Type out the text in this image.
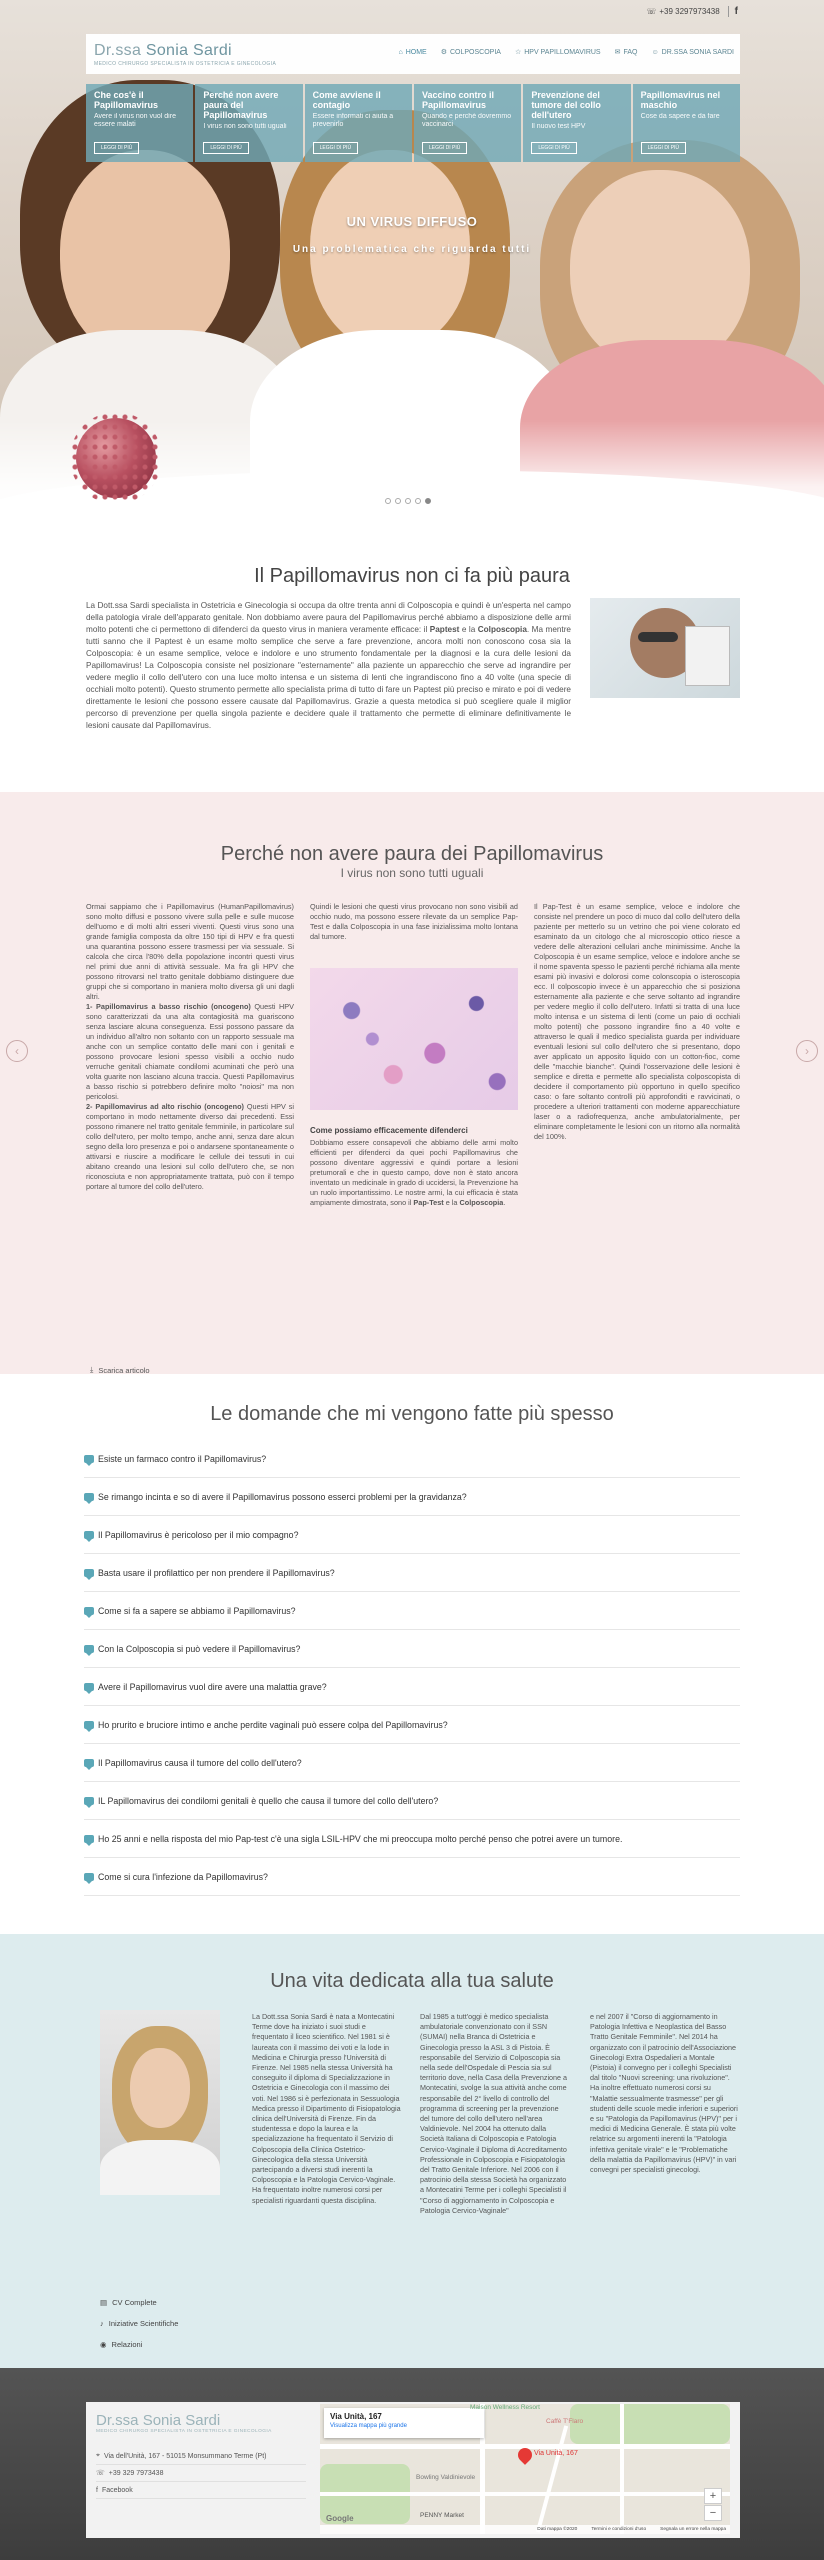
UN VIRUS DIFFUSO
Una problematica che riguarda tutti
☏ +39 3297973438	f
Dr.ssa Sonia Sardi
MEDICO CHIRURGO SPECIALISTA IN OSTETRICIA E GINECOLOGIA
⌂ HOME ⚙ COLPOSCOPIA ☆ HPV PAPILLOMAVIRUS ✉ FAQ ☺ DR.SSA SONIA SARDI
Che cos'è il Papillomavirus
Avere il virus non vuol dire essere malati
LEGGI DI PIÙ
Perché non avere paura del Papillomavirus
I virus non sono tutti uguali
LEGGI DI PIÙ
Come avviene il contagio
Essere informati ci aiuta a prevenirlo
LEGGI DI PIÙ
Vaccino contro il Papillomavirus
Quando e perché dovremmo vaccinarci
LEGGI DI PIÙ
Prevenzione del tumore del collo dell'utero
Il nuovo test HPV
LEGGI DI PIÙ
Papillomavirus nel maschio
Cose da sapere e da fare
LEGGI DI PIÙ
Il Papillomavirus non ci fa più paura
La Dott.ssa Sardi specialista in Ostetricia e Ginecologia si occupa da oltre trenta anni di Colposcopia e quindi è un'esperta nel campo della patologia virale dell'apparato genitale. Non dobbiamo avere paura del Papillomavirus perché abbiamo a disposizione delle armi molto potenti che ci permettono di difenderci da questo virus in maniera veramente efficace: il Paptest e la Colposcopia. Ma mentre tutti sanno che il Paptest è un esame molto semplice che serve a fare prevenzione, ancora molti non conoscono cosa sia la Colposcopia: è un esame semplice, veloce e indolore e uno strumento fondamentale per la diagnosi e la cura delle lesioni da Papillomavirus! La Colposcopia consiste nel posizionare "esternamente" alla paziente un apparecchio che serve ad ingrandire per vedere meglio il collo dell'utero con una luce molto intensa e un sistema di lenti che ingrandiscono fino a 40 volte (una specie di occhiali molto potenti). Questo strumento permette allo specialista prima di tutto di fare un Paptest più preciso e mirato e poi di vedere direttamente le lesioni che possono essere causate dal Papillomavirus. Grazie a questa metodica si può scegliere quale il miglior percorso di prevenzione per quella singola paziente e decidere quale il trattamento che permette di eliminare definitivamente le lesioni causate dal Papillomavirus.
Perché non avere paura dei Papillomavirus
I virus non sono tutti uguali
‹	›
Ormai sappiamo che i Papillomavirus (HumanPapillomavirus) sono molto diffusi e possono vivere sulla pelle e sulle mucose dell'uomo e di molti altri esseri viventi. Questi virus sono una grande famiglia composta da oltre 150 tipi di HPV e fra questi una quarantina possono essere trasmessi per via sessuale. Si calcola che circa l'80% della popolazione incontri questi virus nel primi due anni di attività sessuale. Ma fra gli HPV che possono ritrovarsi nel tratto genitale dobbiamo distinguere due gruppi che si comportano in maniera molto diversa gli uni dagli altri.
1- Papillomavirus a basso rischio (oncogeno) Questi HPV sono caratterizzati da una alta contagiosità ma guariscono senza lasciare alcuna conseguenza. Essi possono passare da un individuo all'altro non soltanto con un rapporto sessuale ma anche con un semplice contatto delle mani con i genitali e possono provocare lesioni spesso visibili a occhio nudo verruche genitali chiamate condilomi acuminati che però una volta guarite non lasciano alcuna traccia. Questi Papillomavirus a basso rischio si potrebbero definire molto "noiosi" ma non pericolosi.
2- Papillomavirus ad alto rischio (oncogeno) Questi HPV si comportano in modo nettamente diverso dai precedenti. Essi possono rimanere nel tratto genitale femminile, in particolare sul collo dell'utero, per molto tempo, anche anni, senza dare alcun segno della loro presenza e poi o andarsene spontaneamente o attivarsi e riuscire a modificare le cellule dei tessuti in cui abitano creando una lesioni sul collo dell'utero che, se non riconosciuta e non appropriatamente trattata, può con il tempo portare al tumore del collo dell'utero.
Quindi le lesioni che questi virus provocano non sono visibili ad occhio nudo, ma possono essere rilevate da un semplice Pap-Test e dalla Colposcopia in una fase inizialissima molto lontana dal tumore.
Come possiamo efficacemente difenderci
Dobbiamo essere consapevoli che abbiamo delle armi molto efficienti per difenderci da quei pochi Papillomavirus che possono diventare aggressivi e quindi portare a lesioni pretumorali e che in questo campo, dove non è stato ancora inventato un medicinale in grado di uccidersi, la Prevenzione ha un ruolo importantissimo. Le nostre armi, la cui efficacia è stata ampiamente dimostrata, sono il Pap-Test e la Colposcopia.
Il Pap-Test è un esame semplice, veloce e indolore che consiste nel prendere un poco di muco dal collo dell'utero della paziente per metterlo su un vetrino che poi viene colorato ed esaminato da un citologo che al microscopio ottico riesce a vedere delle alterazioni cellulari anche minimissime. Anche la Colposcopia è un esame semplice, veloce e indolore anche se il nome spaventa spesso le pazienti perché richiama alla mente esami più invasivi e dolorosi come colonscopia o isteroscopia ecc. Il colposcopio invece è un apparecchio che si posiziona esternamente alla paziente e che serve soltanto ad ingrandire per vedere meglio il collo dell'utero. Infatti si tratta di una luce molto intensa e un sistema di lenti (come un paio di occhiali molto potenti) che possono ingrandire fino a 40 volte e attraverso le quali il medico specialista guarda per individuare eventuali lesioni sul collo dell'utero che si presentano, dopo aver applicato un apposito liquido con un cotton-fioc, come delle "macchie bianche". Quindi l'osservazione delle lesioni è semplice e diretta e permette allo specialista colposcopista di decidere il comportamento più opportuno in quello specifico caso: o fare soltanto controlli più approfonditi e ravvicinati, o procedere a ulteriori trattamenti con moderne apparecchiature laser o a radiofrequenza, anche ambulatorialmente, per eliminare completamente le lesioni con un ritorno alla normalità del 100%.
⤓ Scarica articolo
Le domande che mi vengono fatte più spesso
Esiste un farmaco contro il Papillomavirus?
Se rimango incinta e so di avere il Papillomavirus possono esserci problemi per la gravidanza?
Il Papillomavirus è pericoloso per il mio compagno?
Basta usare il profilattico per non prendere il Papillomavirus?
Come si fa a sapere se abbiamo il Papillomavirus?
Con la Colposcopia si può vedere il Papillomavirus?
Avere il Papillomavirus vuol dire avere una malattia grave?
Ho prurito e bruciore intimo e anche perdite vaginali può essere colpa del Papillomavirus?
Il Papillomavirus causa il tumore del collo dell'utero?
IL Papillomavirus dei condilomi genitali è quello che causa il tumore del collo dell'utero?
Ho 25 anni e nella risposta del mio Pap-test c'è una sigla LSIL-HPV che mi preoccupa molto perché penso che potrei avere un tumore.
Come si cura l'infezione da Papillomavirus?
Una vita dedicata alla tua salute
La Dott.ssa Sonia Sardi è nata a Montecatini Terme dove ha iniziato i suoi studi e frequentato il liceo scientifico. Nel 1981 si è laureata con il massimo dei voti e la lode in Medicina e Chirurgia presso l'Università di Firenze. Nel 1985 nella stessa Università ha conseguito il diploma di Specializzazione in Ostetricia e Ginecologia con il massimo dei voti. Nel 1986 si è perfezionata in Sessuologia Medica presso il Dipartimento di Fisiopatologia clinica dell'Università di Firenze. Fin da studentessa e dopo la laurea e la specializzazione ha frequentato il Servizio di Colposcopia della Clinica Ostetrico-Ginecologica della stessa Università partecipando a diversi studi inerenti la Colposcopia e la Patologia Cervico-Vaginale. Ha frequentato inoltre numerosi corsi per specialisti riguardanti questa disciplina.
Dal 1985 a tutt'oggi è medico specialista ambulatoriale convenzionato con il SSN (SUMAI) nella Branca di Ostetricia e Ginecologia presso la ASL 3 di Pistoia. È responsabile del Servizio di Colposcopia sia nella sede dell'Ospedale di Pescia sia sul territorio dove, nella Casa della Prevenzione a Montecatini, svolge la sua attività anche come responsabile del 2° livello di controllo del programma di screening per la prevenzione del tumore del collo dell'utero nell'area Valdinievole. Nel 2004 ha ottenuto dalla Società Italiana di Colposcopia e Patologia Cervico-Vaginale il Diploma di Accreditamento Professionale in Colposcopia e Fisiopatologia del Tratto Genitale Inferiore. Nel 2006 con il patrocinio della stessa Società ha organizzato a Montecatini Terme per i colleghi Specialisti il "Corso di aggiornamento in Colposcopia e Patologia Cervico-Vaginale"
e nel 2007 il "Corso di aggiornamento in Patologia Infettiva e Neoplastica del Basso Tratto Genitale Femminile". Nel 2014 ha organizzato con il patrocinio dell'Associazione Ginecologi Extra Ospedalieri a Montale (Pistoia) il convegno per i colleghi Specialisti dal titolo "Nuovi screening: una rivoluzione". Ha inoltre effettuato numerosi corsi su "Malattie sessualmente trasmesse" per gli studenti delle scuole medie inferiori e superiori e su "Patologia da Papillomavirus (HPV)" per i medici di Medicina Generale. È stata più volte relatrice su argomenti inerenti la "Patologia infettiva genitale virale" e le "Problematiche della malattia da Papillomavirus (HPV)" in vari convegni per specialisti ginecologi.
▤ CV Complete
♪ Iniziative Scientifiche
◉ Relazioni
Dr.ssa Sonia Sardi
MEDICO CHIRURGO SPECIALISTA IN OSTETRICIA E GINECOLOGIA
⌖ Via dell'Unità, 167 - 51015 Monsummano Terme (Pt)
☏ +39 329 7973438
f Facebook
Via Unità, 167
Visualizza mappa più grande
Maison Wellness Resort
Caffè T'Flaro
Bowling Valdinievole
PENNY Market
Via Unità, 167
+
−
Google
Dati mappa ©2020	Termini e condizioni d'uso	Segnala un errore nella mappa
